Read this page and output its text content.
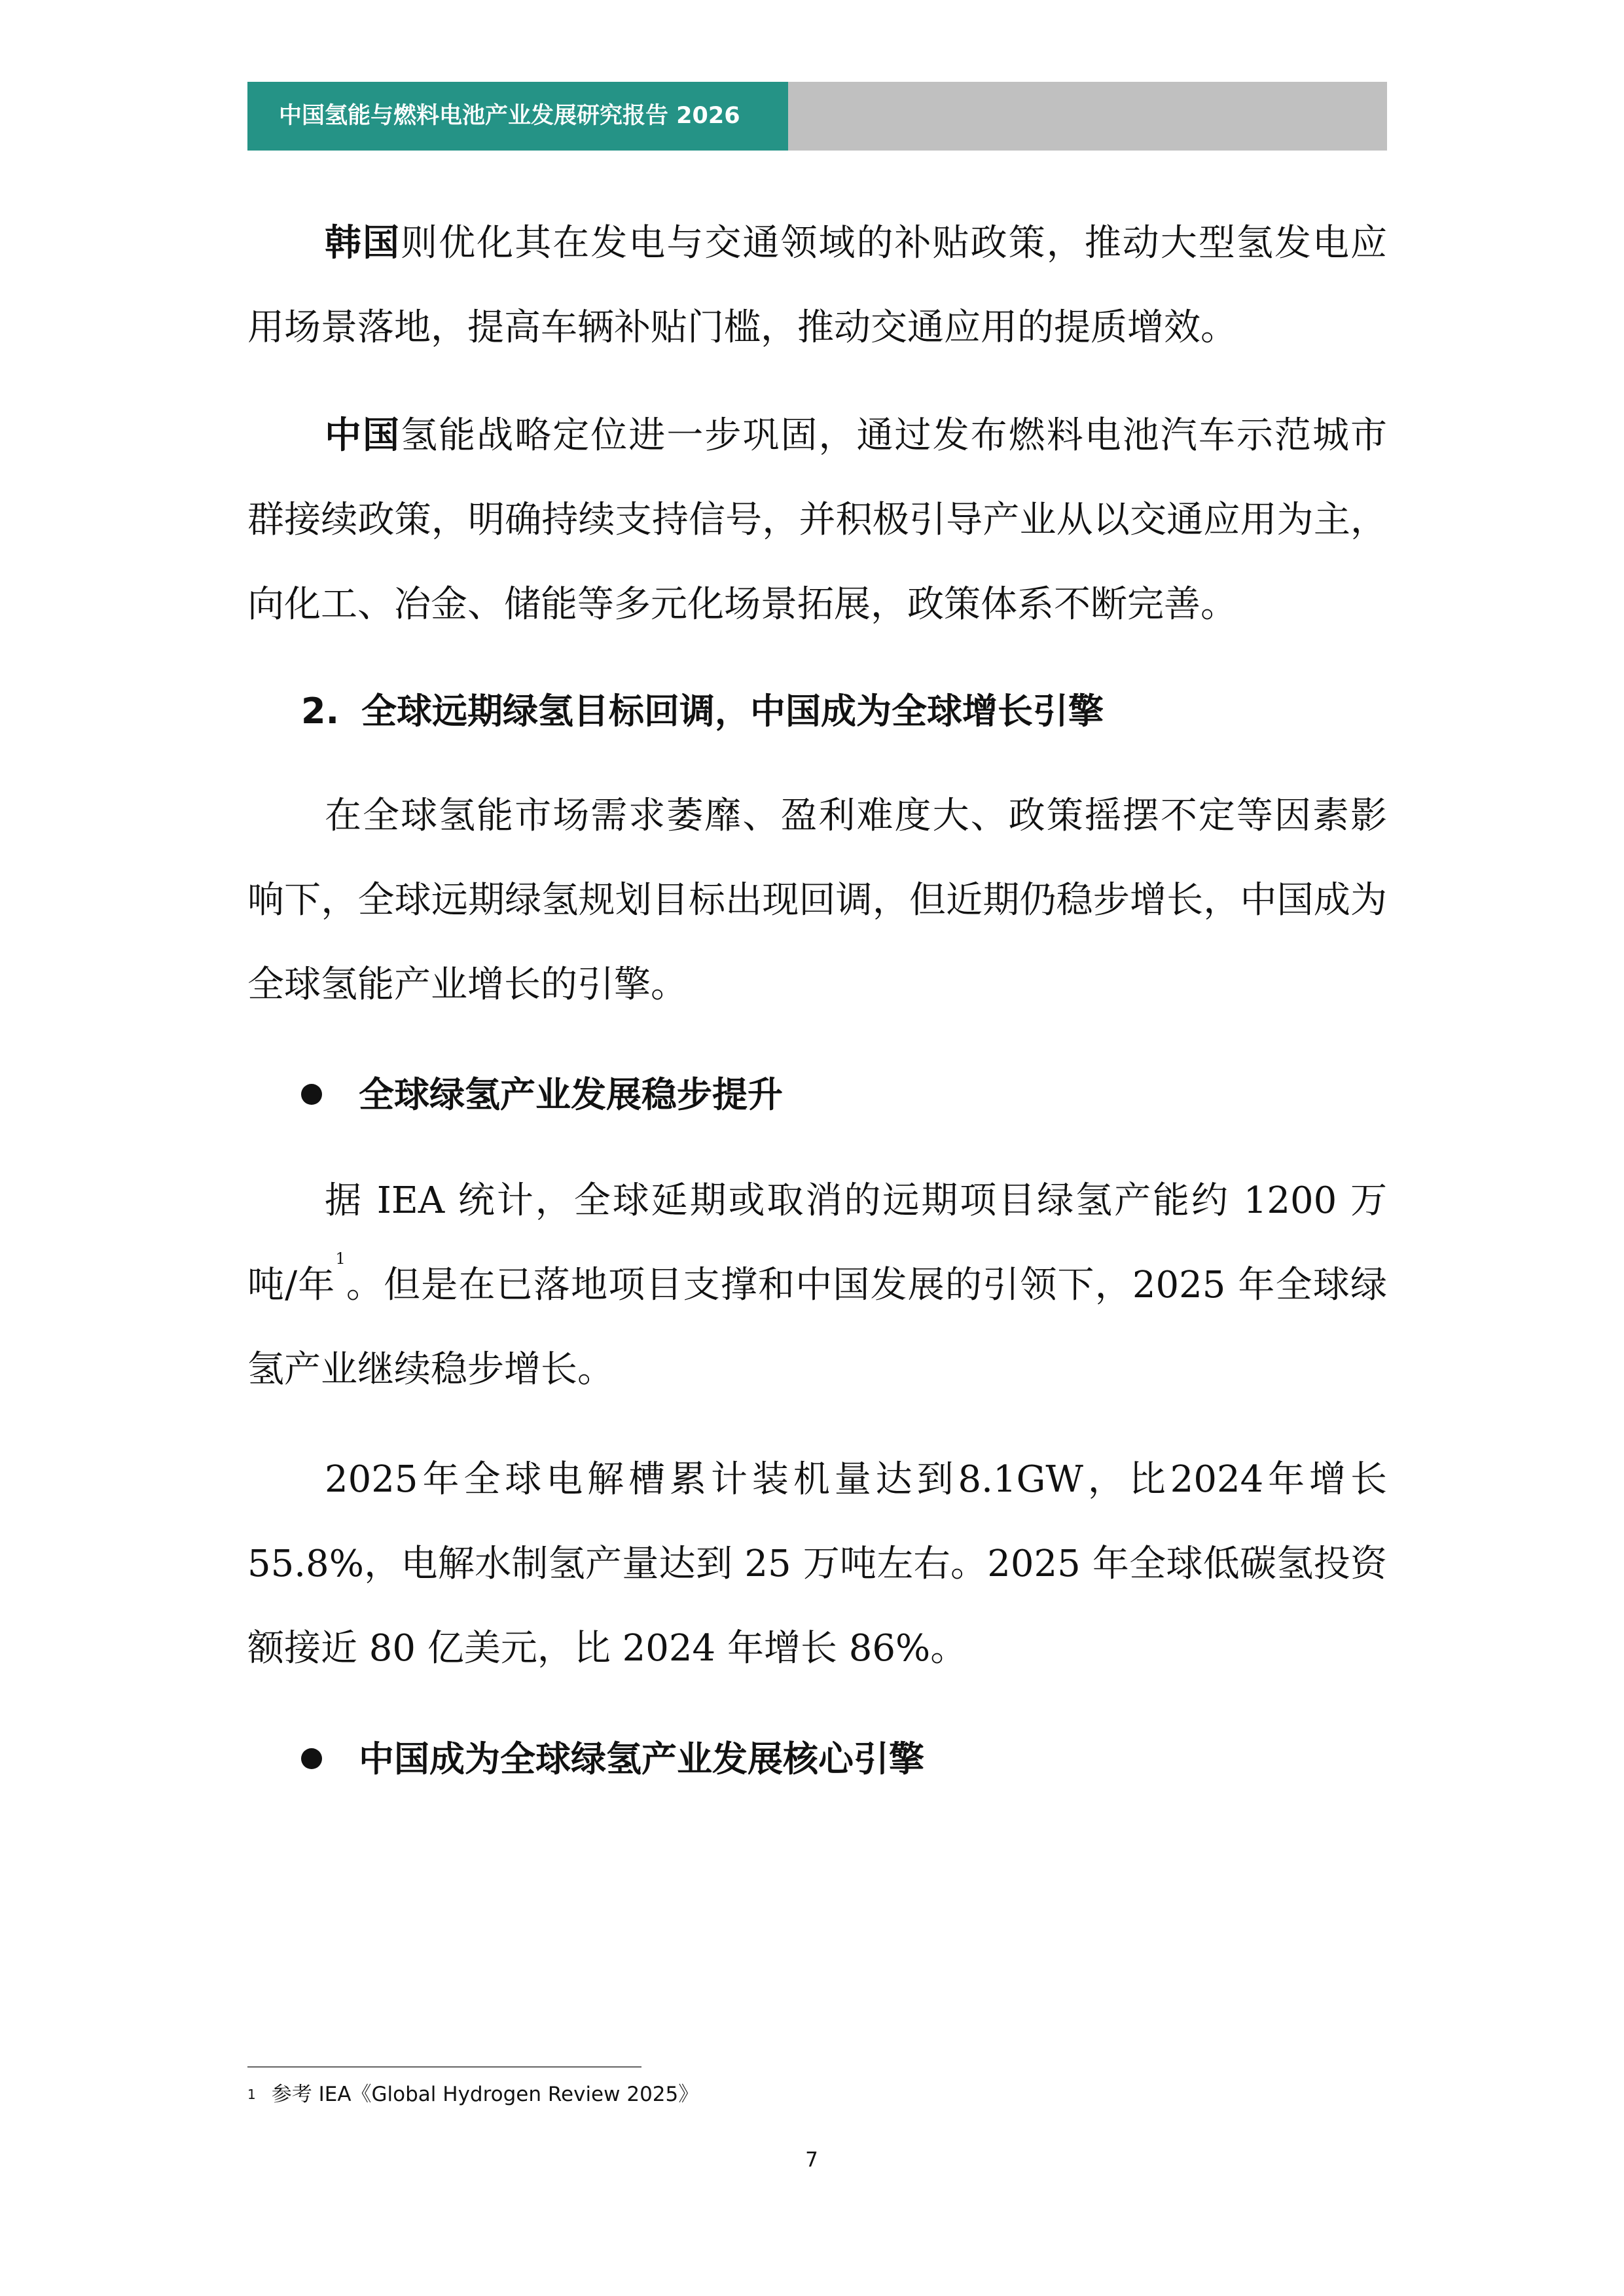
中国氢能与燃料电池产业发展研究报告 2026

韩国则优化其在发电与交通领域的补贴政策，推动大型氢发电应用场景落地，提高车辆补贴门槛，推动交通应用的提质增效。

中国氢能战略定位进一步巩固，通过发布燃料电池汽车示范城市群接续政策，明确持续支持信号，并积极引导产业从以交通应用为主，向化工、冶金、储能等多元化场景拓展，政策体系不断完善。

2. 全球远期绿氢目标回调，中国成为全球增长引擎

在全球氢能市场需求萎靡、盈利难度大、政策摇摆不定等因素影响下，全球远期绿氢规划目标出现回调，但近期仍稳步增长，中国成为全球氢能产业增长的引擎。

全球绿氢产业发展稳步提升

据 IEA 统计，全球延期或取消的远期项目绿氢产能约 1200 万吨/年$^1$。但是在已落地项目支撑和中国发展的引领下，2025 年全球绿氢产业继续稳步增长。

2025年全球电解槽累计装机量达到8.1GW，比2024年增长55.8%，电解水制氢产量达到 25 万吨左右。2025 年全球低碳氢投资额接近 80 亿美元，比 2024 年增长 86%。

中国成为全球绿氢产业发展核心引擎

$^1$ 参考 IEA《Global Hydrogen Review 2025》
7
